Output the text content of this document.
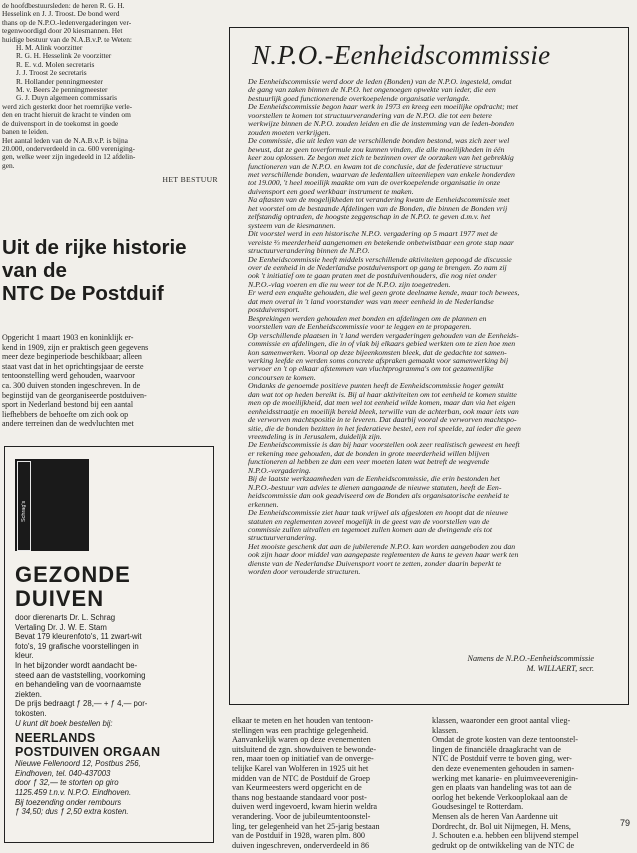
de hoofdbestuursleden: de heren R. G. H.
Hesselink en J. J. Troost. De bond werd
thans op de N.P.O.-ledenvergaderingen ver-
tegenwoordigd door 20 kiesmannen. Het
huidige bestuur van de N.A.B.v.P. te Weten:
H. M. Alink voorzitter
R. G. H. Hesselink 2e voorzitter
R. E. v.d. Molen secretaris
J. J. Troost 2e secretaris
R. Hollander penningmeester
M. v. Beers 2e penningmeester
G. J. Duyn algemeen commissaris
werd zich gesterkt door het roemrijke verle-
den en tracht hieruit de kracht te vinden om
de duivensport in de toekomst in goede
banen te leiden.
Het aantal leden van de N.A.B.v.P. is bijna
20.000, onderverdeeld in ca. 600 vereniging-
gen, welke weer zijn ingedeeld in 12 afdelin-
gen.
HET BESTUUR
Uit de rijke historie
van de
NTC De Postduif
Opgericht 1 maart 1903 en koninklijk er-
kend in 1909, zijn er praktisch geen gegevens
meer deze beginperiode beschikbaar; alleen
staat vast dat in het oprichtingsjaar de eerste
tentoonstelling werd gehouden, waarvoor
ca. 300 duiven stonden ingeschreven. In de
beginstijd van de georganiseerde postduiven-
sport in Nederland bestond bij een aantal
liefhebbers de behoefte om zich ook op
andere terreinen dan de wedvluchten met
Schrag's
GEZONDE
DUIVEN
door dierenarts Dr. L. Schrag
Vertaling Dr. J. W. E. Stam
Bevat 179 kleurenfoto's, 11 zwart-wit
foto's, 19 grafische voorstellingen in
kleur.
In het bijzonder wordt aandacht be-
steed aan de vaststelling, voorkoming
en behandeling van de voornaamste
ziekten.
De prijs bedraagt ƒ 28,— + ƒ 4,— por-
tokosten.
U kunt dit boek bestellen bij:
NEERLANDS
POSTDUIVEN ORGAAN
Nieuwe Fellenoord 12, Postbus 256,
Eindhoven, tel. 040-437003
door ƒ 32,— te storten op giro
1125.459 t.n.v. N.P.O. Eindhoven.
Bij toezending onder rembours
ƒ 34,50; dus ƒ 2,50 extra kosten.
N.P.O.-Eenheidscommissie
De Eenheidscommissie werd door de leden (Bonden) van de N.P.O. ingesteld, omdat
de gang van zaken binnen de N.P.O. het ongenoegen opwekte van ieder, die een
bestuurlijk goed functionerende overkoepelende organisatie verlangde.
De Eenheidscommissie begon haar werk in 1973 en kreeg een moeilijke opdracht; met
voorstellen te komen tot structuurverandering van de N.P.O. die tot een betere
werkwijze binnen de N.P.O. zouden leiden en die de instemming van de leden-bonden
zouden moeten verkrijgen.
De commissie, die uit leden van de verschillende bonden bestond, was zich zeer wel
bewust, dat ze geen toverformule zou kunnen vinden, die alle moeilijkheden in één
keer zou oplossen. Ze begon met zich te bezinnen over de oorzaken van het gebrekkig
functioneren van de N.P.O. en kwam tot de conclusie, dat de federatieve structuur
met verschillende bonden, waarvan de ledentallen uiteenliepen van enkele honderden
tot 19.000, 't heel moeilijk maakte om van de overkoepelende organisatie in onze
duivensport een goed werkbaar instrument te maken.
Na aftasten van de mogelijkheden tot verandering kwam de Eenheidscommissie met
het voorstel om de bestaande Afdelingen van de Bonden, die binnen de Bonden vrij
zelfstandig optraden, de hoogste zeggenschap in de N.P.O. te geven d.m.v. het
systeem van de kiesmannen.
Dit voorstel werd in een historische N.P.O. vergadering op 5 maart 1977 met de
vereiste ⅔ meerderheid aangenomen en betekende onbetwistbaar een grote stap naar
structuurverandering binnen de N.P.O.
De Eenheidscommissie heeft middels verschillende aktiviteiten gepoogd de discussie
over de eenheid in de Nederlandse postduivensport op gang te brengen. Zo nam zij
ook 't initiatief om te gaan praten met de postduivenhouders, die nog niet onder
N.P.O.-vlag voeren en die nu weer tot de N.P.O. zijn toegetreden.
Er werd een enquête gehouden, die wel geen grote deelname kende, maar toch bewees,
dat men overal in 't land voorstander was van meer eenheid in de Nederlandse
postduivensport.
Besprekingen werden gehouden met bonden en afdelingen om de plannen en
voorstellen van de Eenheidscommissie voor te leggen en te propageren.
Op verschillende plaatsen in 't land werden vergaderingen gehouden van de Eenheids-
commissie en afdelingen, die in of vlak bij elkaars gebied werkten om te zien hoe men
kon samenwerken. Vooral op deze bijeenkomsten bleek, dat de gedachte tot samen-
werking leefde en werden soms concrete afspraken gemaakt voor samenwerking bij
vervoer en 't op elkaar afstemmen van vluchtprogramma's om tot gezamenlijke
concoursen te komen.
Ondanks de genoemde positieve punten heeft de Eenheidscommissie hoger gemikt
dan wat tot op heden bereikt is. Bij al haar aktiviteiten om tot eenheid te komen stuitte
men op de moeilijkheid, dat men wel tot eenheid wilde komen, maar dan via het eigen
eenheidsstraatje en moeilijk bereid bleek, terwille van de achterban, ook maar iets van
de verworven machtspositie in te leveren. Dat daarbij vooral de verworven machtspo-
sitie, die de bonden bezitten in het federatieve bestel, een rol speelde, zal ieder die geen
vreemdeling is in Jerusalem, duidelijk zijn.
De Eenheidscommissie is dan bij haar voorstellen ook zeer realistisch geweest en heeft
er rekening mee gehouden, dat de bonden in grote meerderheid willen blijven
functioneren al hebben ze dan een veer moeten laten wat betreft de wegvende
N.P.O.-vergadering.
Bij de laatste werkzaamheden van de Eenheidscommissie, die erin bestonden het
N.P.O.-bestuur van advies te dienen aangaande de nieuwe statuten, heeft de Een-
heidscommissie dan ook geadviseerd om de Bonden als organisatorische eenheid te
erkennen.
De Eenheidscommissie ziet haar taak vrijwel als afgesloten en hoopt dat de nieuwe
statuten en reglementen zoveel mogelijk in de geest van de voorstellen van de
commissie zullen uitvallen en tegemoet zullen komen aan de dwingende eis tot
structuurverandering.
Het mooiste geschenk dat aan de jubilerende N.P.O. kan worden aangeboden zou dan
ook zijn haar door middel van aangepaste reglementen de kans te geven haar werk ten
dienste van de Nederlandse Duivensport voort te zetten, zonder daarin beperkt te
worden door verouderde structuren.
Namens de N.P.O.-Eenheidscommissie
M. WILLAERT, secr.
elkaar te meten en het houden van tentoon-
stellingen was een prachtige gelegenheid.
Aanvankelijk waren op deze evenementen
uitsluitend de zgn. showduiven te bewonde-
ren, maar toen op initiatief van de onverge-
telijke Karel van Wolferen in 1925 uit het
midden van de NTC de Postduif de Groep
van Keurmeesters werd opgericht en de
thans nog bestaande standaard voor post-
duiven werd ingevoerd, kwam hierin weldra
verandering. Voor de jubileumtentoonstel-
ling, ter gelegenheid van het 25-jarig bestaan
van de Postduif in 1928, waren plm. 800
duiven ingeschreven, onderverdeeld in 86
klassen, waaronder een groot aantal vlieg-
klassen.
Omdat de grote kosten van deze tentoonstel-
lingen de financiële draagkracht van de
NTC de Postduif verre te boven ging, wer-
den deze evenementen gehouden in samen-
werking met kanarie- en pluimveeverenigin-
gen en plaats van handeling was tot aan de
oorlog het bekende Verkooplokaal aan de
Goudsesingel te Rotterdam.
Mensen als de heren Van Aardenne uit
Dordrecht, dr. Bol uit Nijmegen, H. Mens,
J. Schouten e.a. hebben een blijvend stempel
gedrukt op de ontwikkeling van de NTC de
79
